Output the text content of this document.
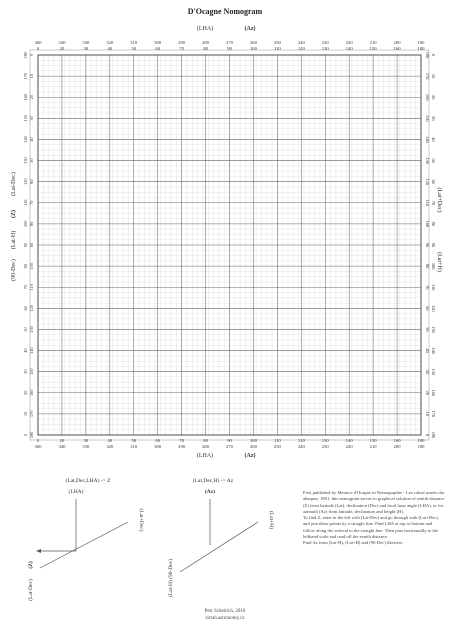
D'Ocagne Nomogram
360
0
0
360
340
20
20
340
330
30
30
330
320
40
40
320
310
50
50
310
300
60
60
300
290
70
70
290
280
80
80
280
270
90
90
270
260
100
100
260
250
110
110
250
240
120
120
240
230
130
130
230
220
140
140
220
210
150
150
210
200
160
160
200
180
180
180
180
180 0	180 0
170 10	170 10
160 20	160 20
150 30	150 30
140 40	140 40
130 50	130 50
120 60	120 60
110 70	110 70
100 80	100 80
90 90	90 90
80 100	80 100
70 110	70 110
60 120	60 120
50 130	50 130
40 140	40 140
30 150	30 150
20 160	20 160
10 170	10 170
0 180	0 180
(LHA)	(Az)
(LHA)	(Az)
(Lat-Dec)
(Z)
(Lat-H)
(90-Dec)
(Lat+Dec)
(Lat+H)
(Lat,Dec,LHA) -> Z
(LHA)
(Z)
(Lat-Dec)
(Lat+Dec)
(Lat,Dec,H) -> Az
(Az)
(Lat-H) (90-Dec)
(Lat+H)

First published by Maurice d'Ocagne in Nomographie - Les calcul usuels dar abaques, 1891, this nomogram serves to graphical solution of zenith distance (Z) from latitude (Lat), declination (Dec) and local hour angle (LHA), or for azimuth (Az) from latitude, declination and height (H).

To find Z, enter in the left with (Lat-Dec) and go through with (Lat+Dec), and join these points by a straight line. Find LHA at top or bottom and follow along the vertical to the straight line. Then pass horizontally to the lefthand scale and read off the zenith distance.

Find Az from (Lat-H), (Lat+H) and (90-Dec) likewise.

Petr Scheirich, 2010
sirrah.astronomy.cz
